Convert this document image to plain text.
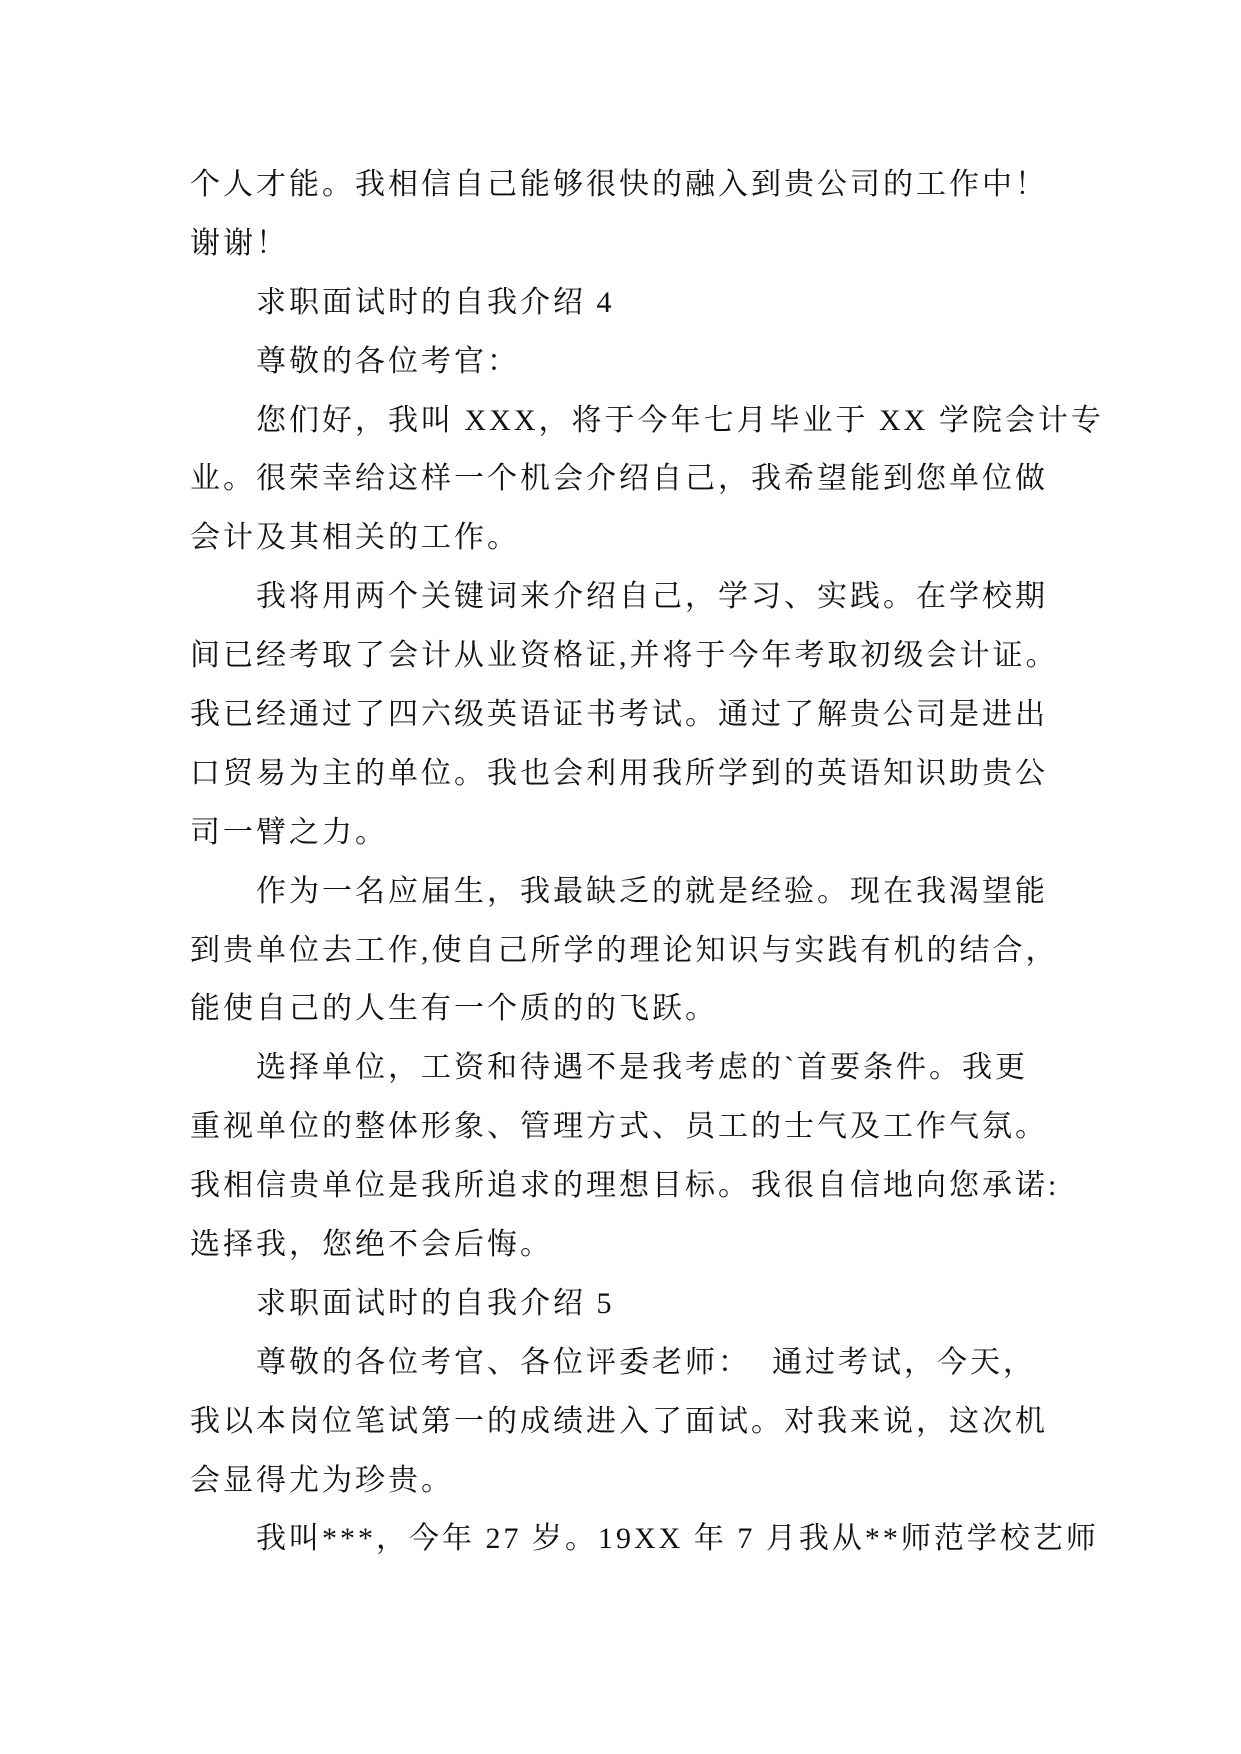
个人才能。我相信自己能够很快的融入到贵公司的工作中！
谢谢！
求职面试时的自我介绍 4
尊敬的各位考官：
您们好，我叫 XXX，将于今年七月毕业于 XX 学院会计专
业。很荣幸给这样一个机会介绍自己，我希望能到您单位做
会计及其相关的工作。
我将用两个关键词来介绍自己，学习、实践。在学校期
间已经考取了会计从业资格证,并将于今年考取初级会计证。
我已经通过了四六级英语证书考试。通过了解贵公司是进出
口贸易为主的单位。我也会利用我所学到的英语知识助贵公
司一臂之力。
作为一名应届生，我最缺乏的就是经验。现在我渴望能
到贵单位去工作,使自己所学的理论知识与实践有机的结合，
能使自己的人生有一个质的的飞跃。
选择单位，工资和待遇不是我考虑的`首要条件。我更
重视单位的整体形象、管理方式、员工的士气及工作气氛。
我相信贵单位是我所追求的理想目标。我很自信地向您承诺:
选择我，您绝不会后悔。
求职面试时的自我介绍 5
尊敬的各位考官、各位评委老师：  通过考试，今天，
我以本岗位笔试第一的成绩进入了面试。对我来说，这次机
会显得尤为珍贵。
我叫***，今年 27 岁。19XX 年 7 月我从**师范学校艺师
